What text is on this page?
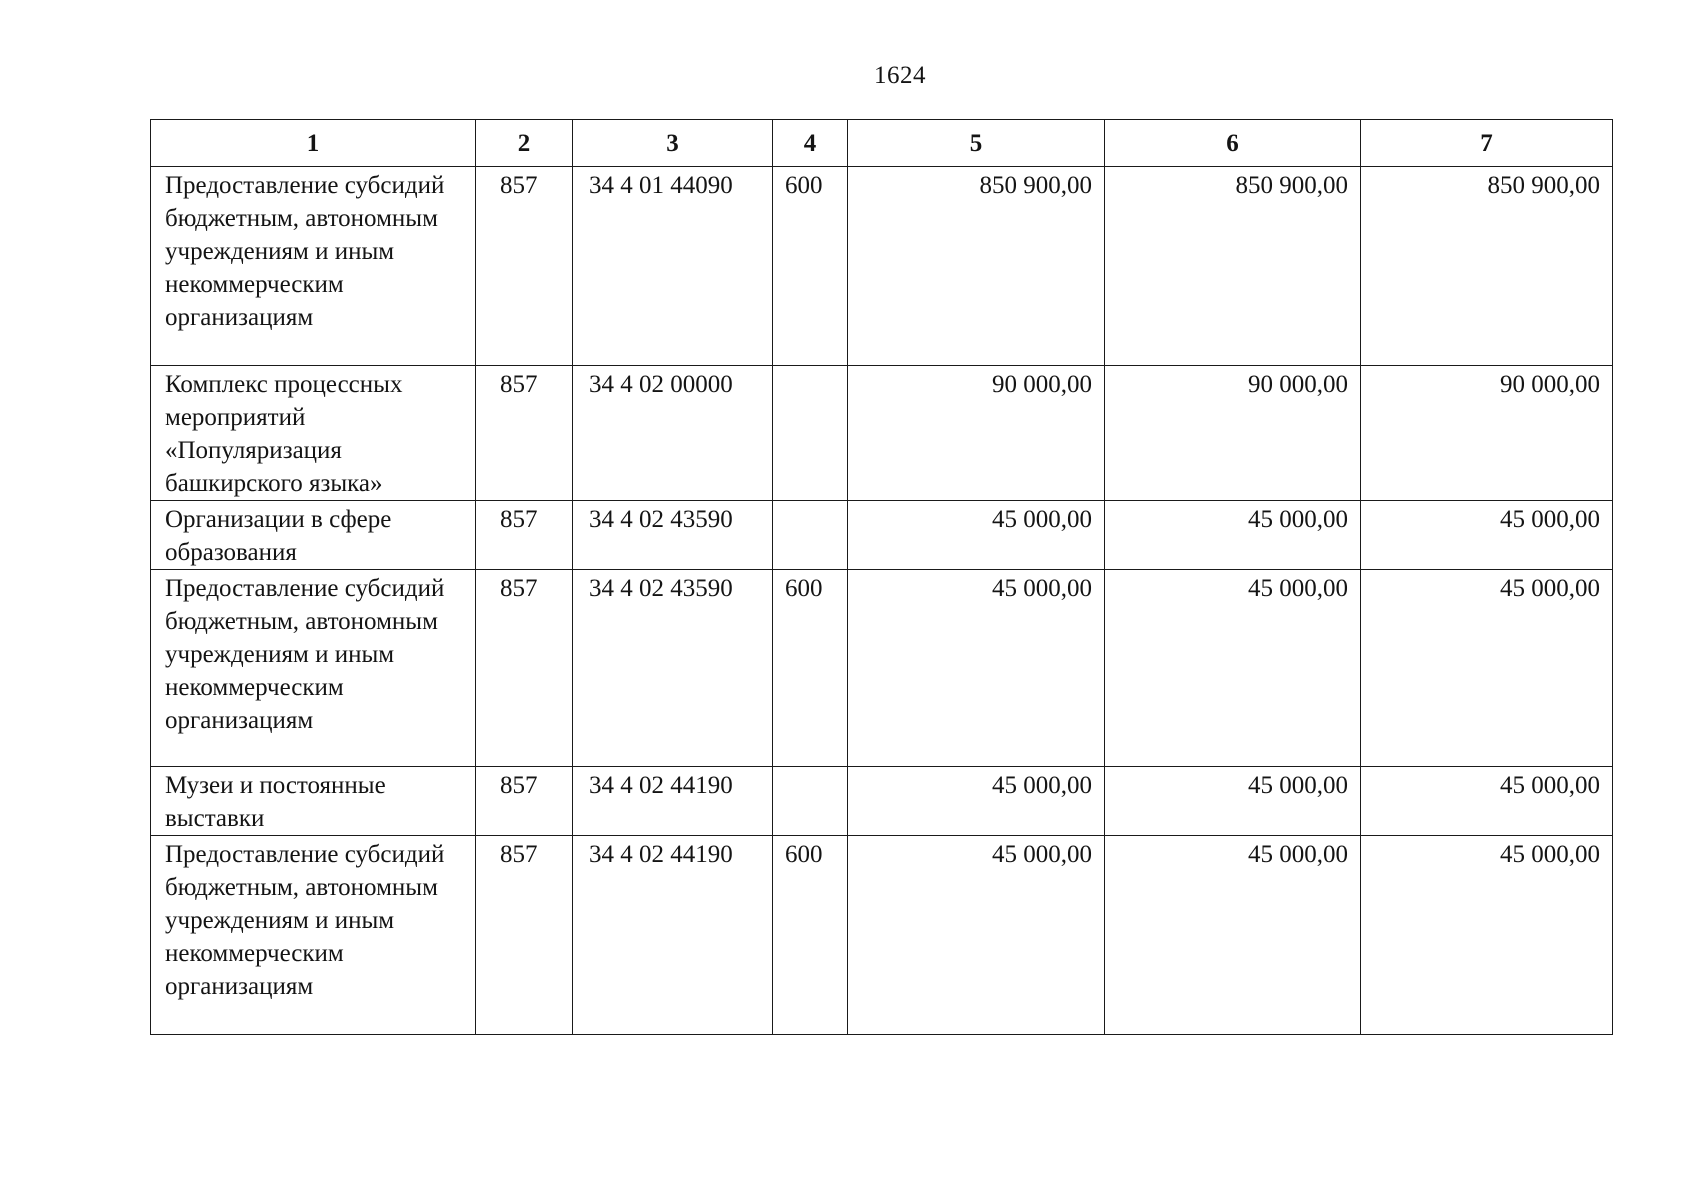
1624
1	2	3	4	5	6	7
Предоставление субсидий бюджетным, автономным учреждениям и иным некоммерческим организациям	857	34 4 01 44090	600	850 900,00	850 900,00	850 900,00
Комплекс процессных мероприятий «Популяризация башкирского языка»	857	34 4 02 00000		90 000,00	90 000,00	90 000,00
Организации в сфере образования	857	34 4 02 43590		45 000,00	45 000,00	45 000,00
Предоставление субсидий бюджетным, автономным учреждениям и иным некоммерческим организациям	857	34 4 02 43590	600	45 000,00	45 000,00	45 000,00
Музеи и постоянные выставки	857	34 4 02 44190		45 000,00	45 000,00	45 000,00
Предоставление субсидий бюджетным, автономным учреждениям и иным некоммерческим организациям	857	34 4 02 44190	600	45 000,00	45 000,00	45 000,00
